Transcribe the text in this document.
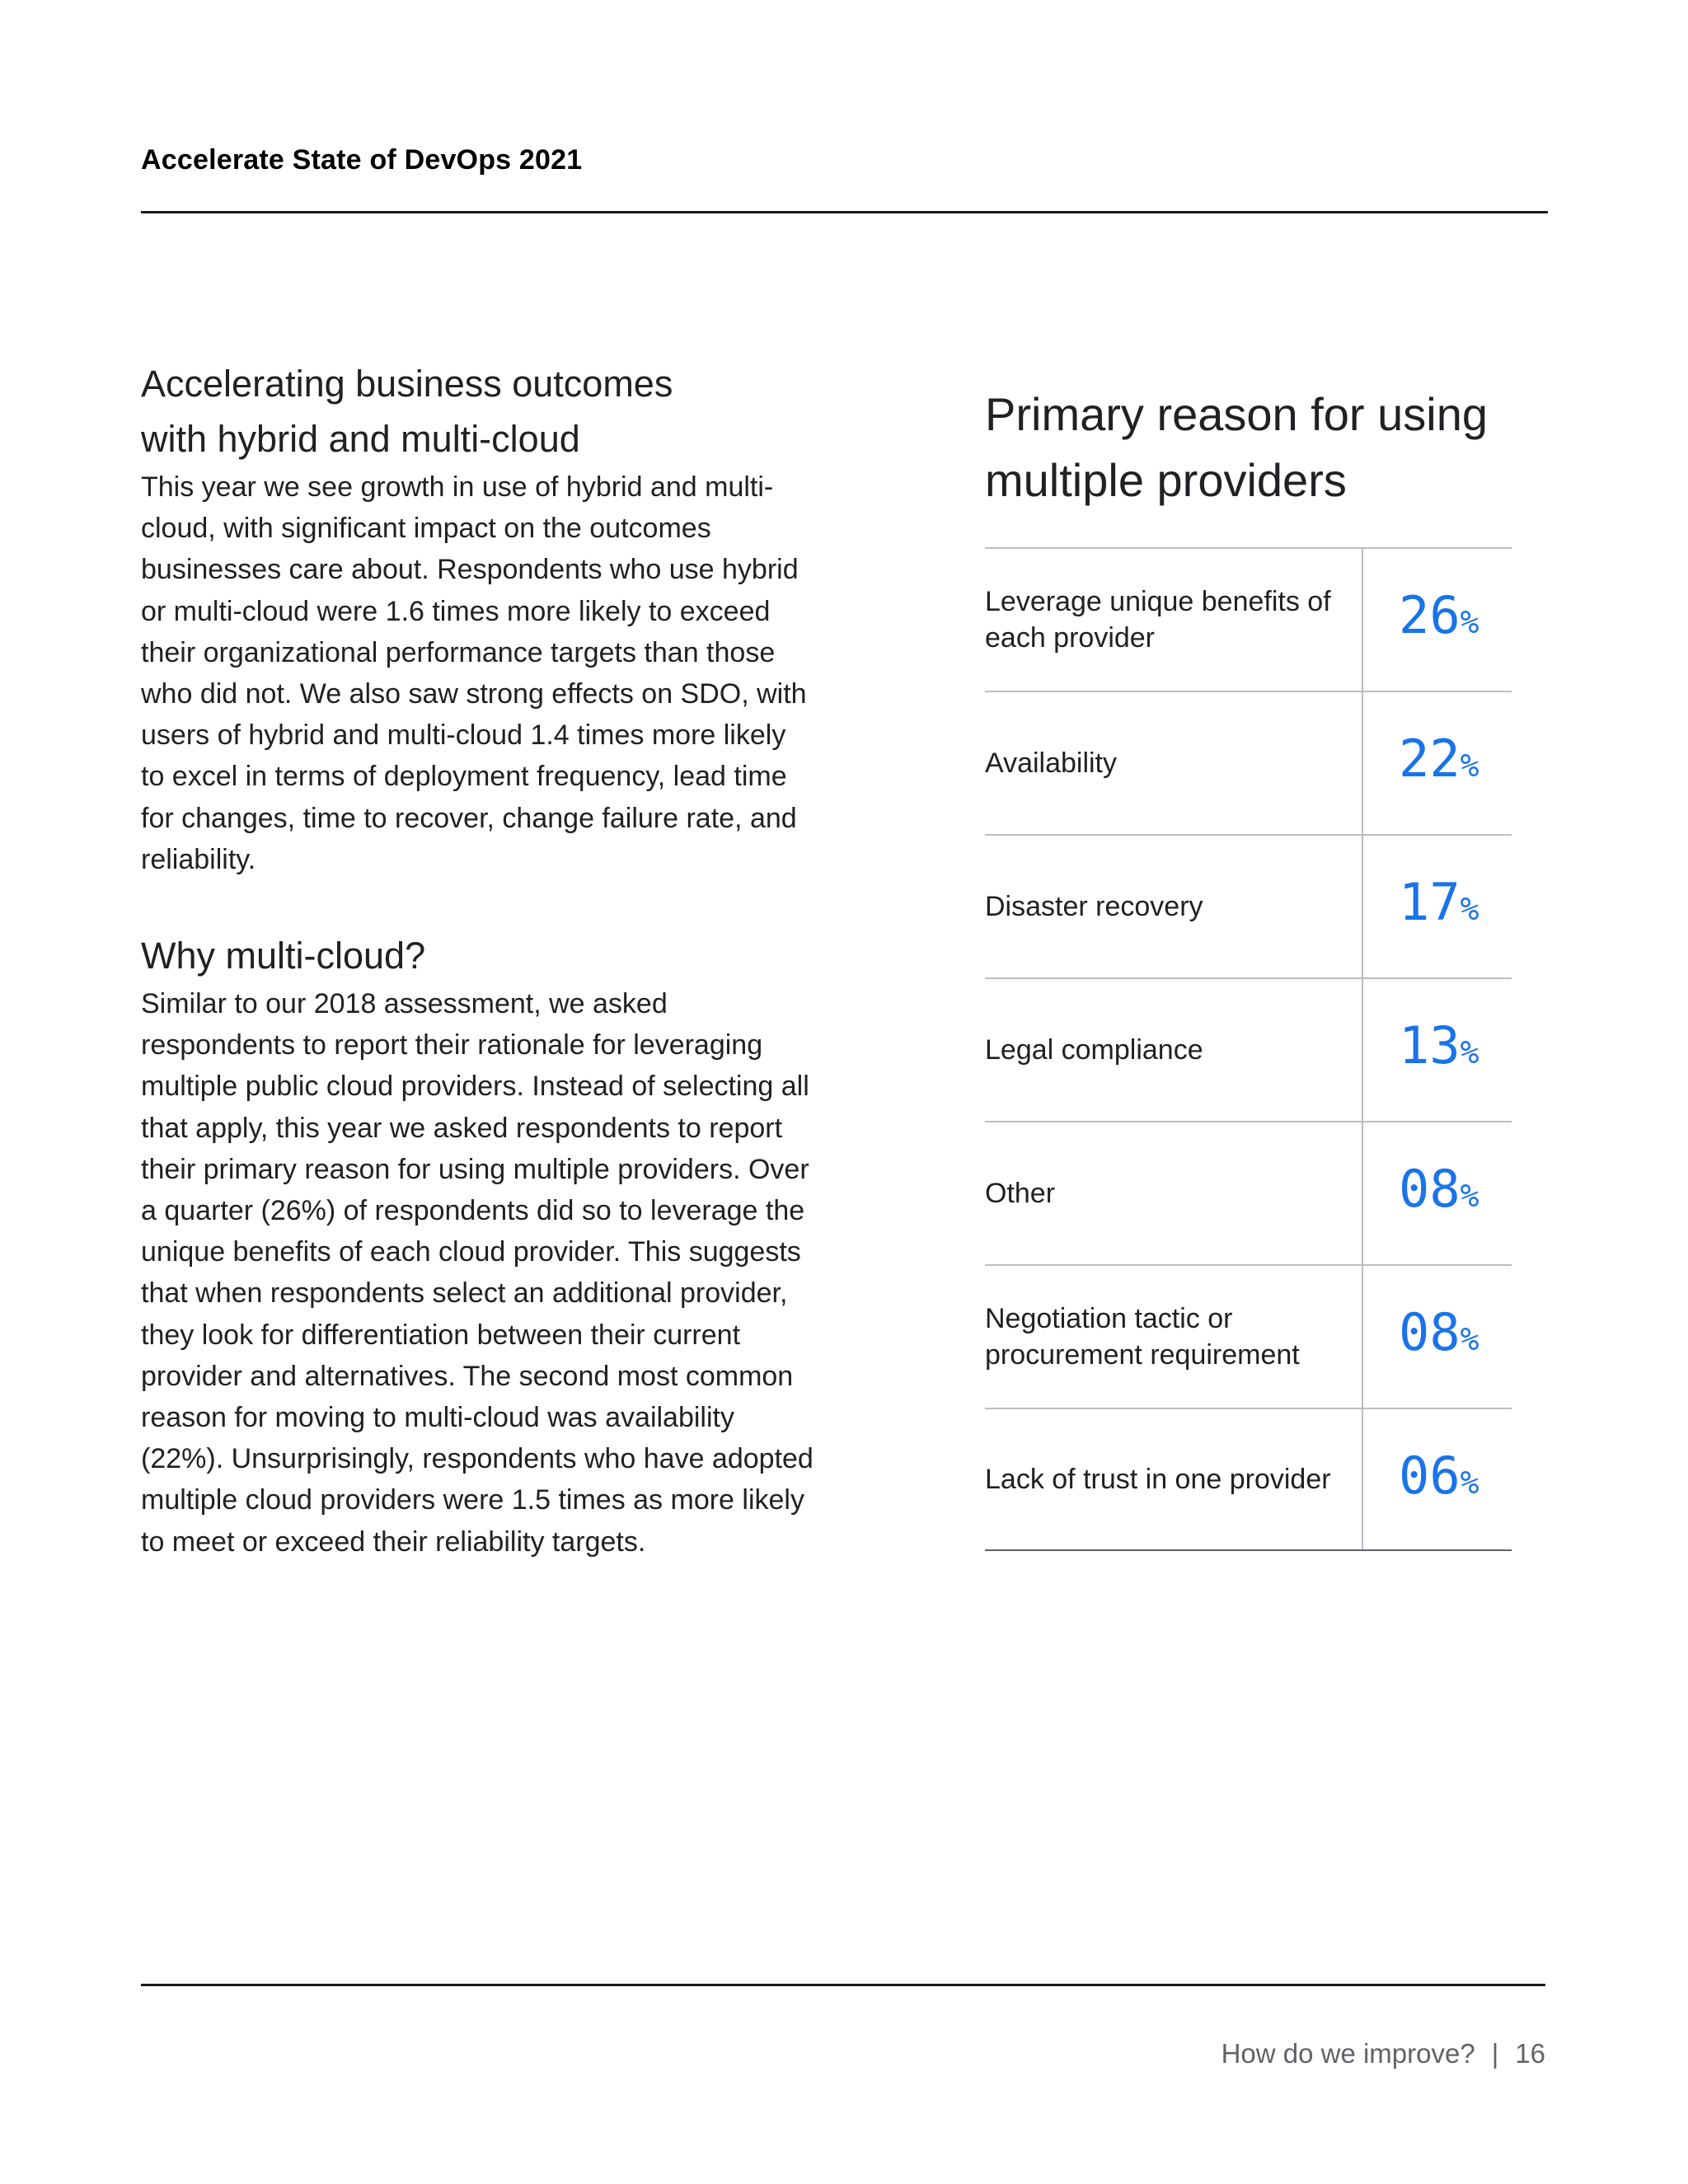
Accelerate State of DevOps 2021
Accelerating business outcomes
with hybrid and multi-cloud

This year we see growth in use of hybrid and multi-cloud, with significant impact on the outcomes businesses care about. Respondents who use hybrid or multi-cloud were 1.6 times more likely to exceed their organizational performance targets than those who did not. We also saw strong effects on SDO, with users of hybrid and multi-cloud 1.4 times more likely to excel in terms of deployment frequency, lead time for changes, time to recover, change failure rate, and reliability.

Why multi-cloud?

Similar to our 2018 assessment, we asked respondents to report their rationale for leveraging multiple public cloud providers. Instead of selecting all that apply, this year we asked respondents to report their primary reason for using multiple providers. Over a quarter (26%) of respondents did so to leverage the unique benefits of each cloud provider. This suggests that when respondents select an additional provider, they look for differentiation between their current provider and alternatives. The second most common reason for moving to multi-cloud was availability (22%). Unsurprisingly, respondents who have adopted multiple cloud providers were 1.5 times as more likely to meet or exceed their reliability targets.

Primary reason for using multiple providers
Leverage unique benefits of each provider	26%
Availability	22%
Disaster recovery	17%
Legal compliance	13%
Other	08%
Negotiation tactic or procurement requirement	08%
Lack of trust in one provider	06%
How do we improve? | 16
